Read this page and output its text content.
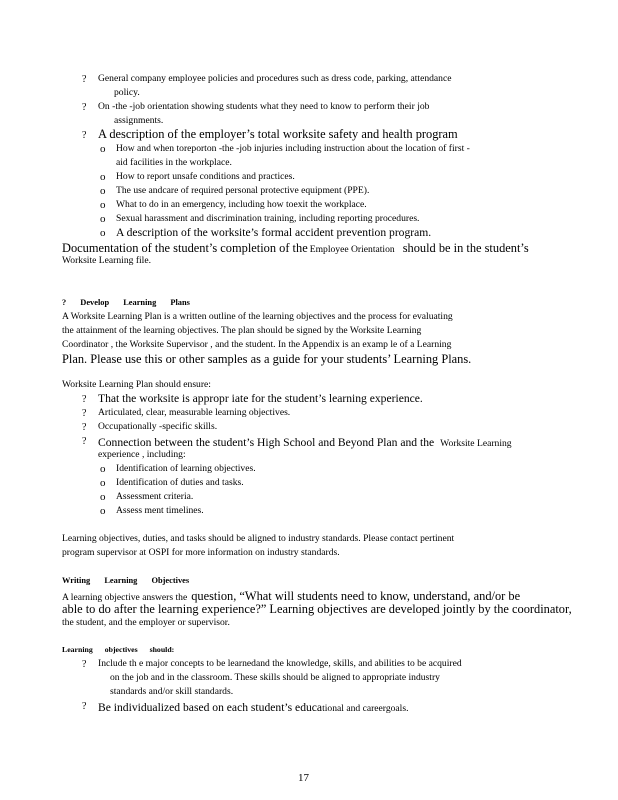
? General company employee policies and procedures such as dress code, parking, attendance
policy.
? On -the -job orientation showing students what they need to know to perform their job
assignments.
? A description of the employer’s total worksite safety and health program
o How and when toreporton -the -job injuries including instruction about the location of first -
aid facilities in the workplace.
o How to report unsafe conditions and practices.
o The use andcare of required personal protective equipment (PPE).
o What to do in an emergency, including how toexit the workplace.
o Sexual harassment and discrimination training, including reporting procedures.
o A description of the worksite’s formal accident prevention program.
Documentation of the student’s completion of the Employee Orientation should be in the student’s
Worksite Learning file.
? Develop Learning Plans
A Worksite Learning Plan is a written outline of the learning objectives and the process for evaluating
the attainment of the learning objectives. The plan should be signed by the Worksite Learning
Coordinator , the Worksite Supervisor , and the student. In the Appendix is an examp le of a Learning
Plan. Please use this or other samples as a guide for your students’ Learning Plans.
Worksite Learning Plan should ensure:
? That the worksite is appropr iate for the student’s learning experience.
? Articulated, clear, measurable learning objectives.
? Occupationally -specific skills.
? Connection between the student’s High School and Beyond Plan and the Worksite Learning
experience , including:
o Identification of learning objectives.
o Identification of duties and tasks.
o Assessment criteria.
o Assess ment timelines.
Learning objectives, duties, and tasks should be aligned to industry standards. Please contact pertinent
program supervisor at OSPI for more information on industry standards.
Writing Learning Objectives
A learning objective answers the question, “What will students need to know, understand, and/or be
able to do after the learning experience?” Learning objectives are developed jointly by the coordinator,
the student, and the employer or supervisor.
Learning objectives should:
? Include th e major concepts to be learnedand the knowledge, skills, and abilities to be acquired
on the job and in the classroom. These skills should be aligned to appropriate industry
standards and/or skill standards.
? Be individualized based on each student’s educational and careergoals.
17
